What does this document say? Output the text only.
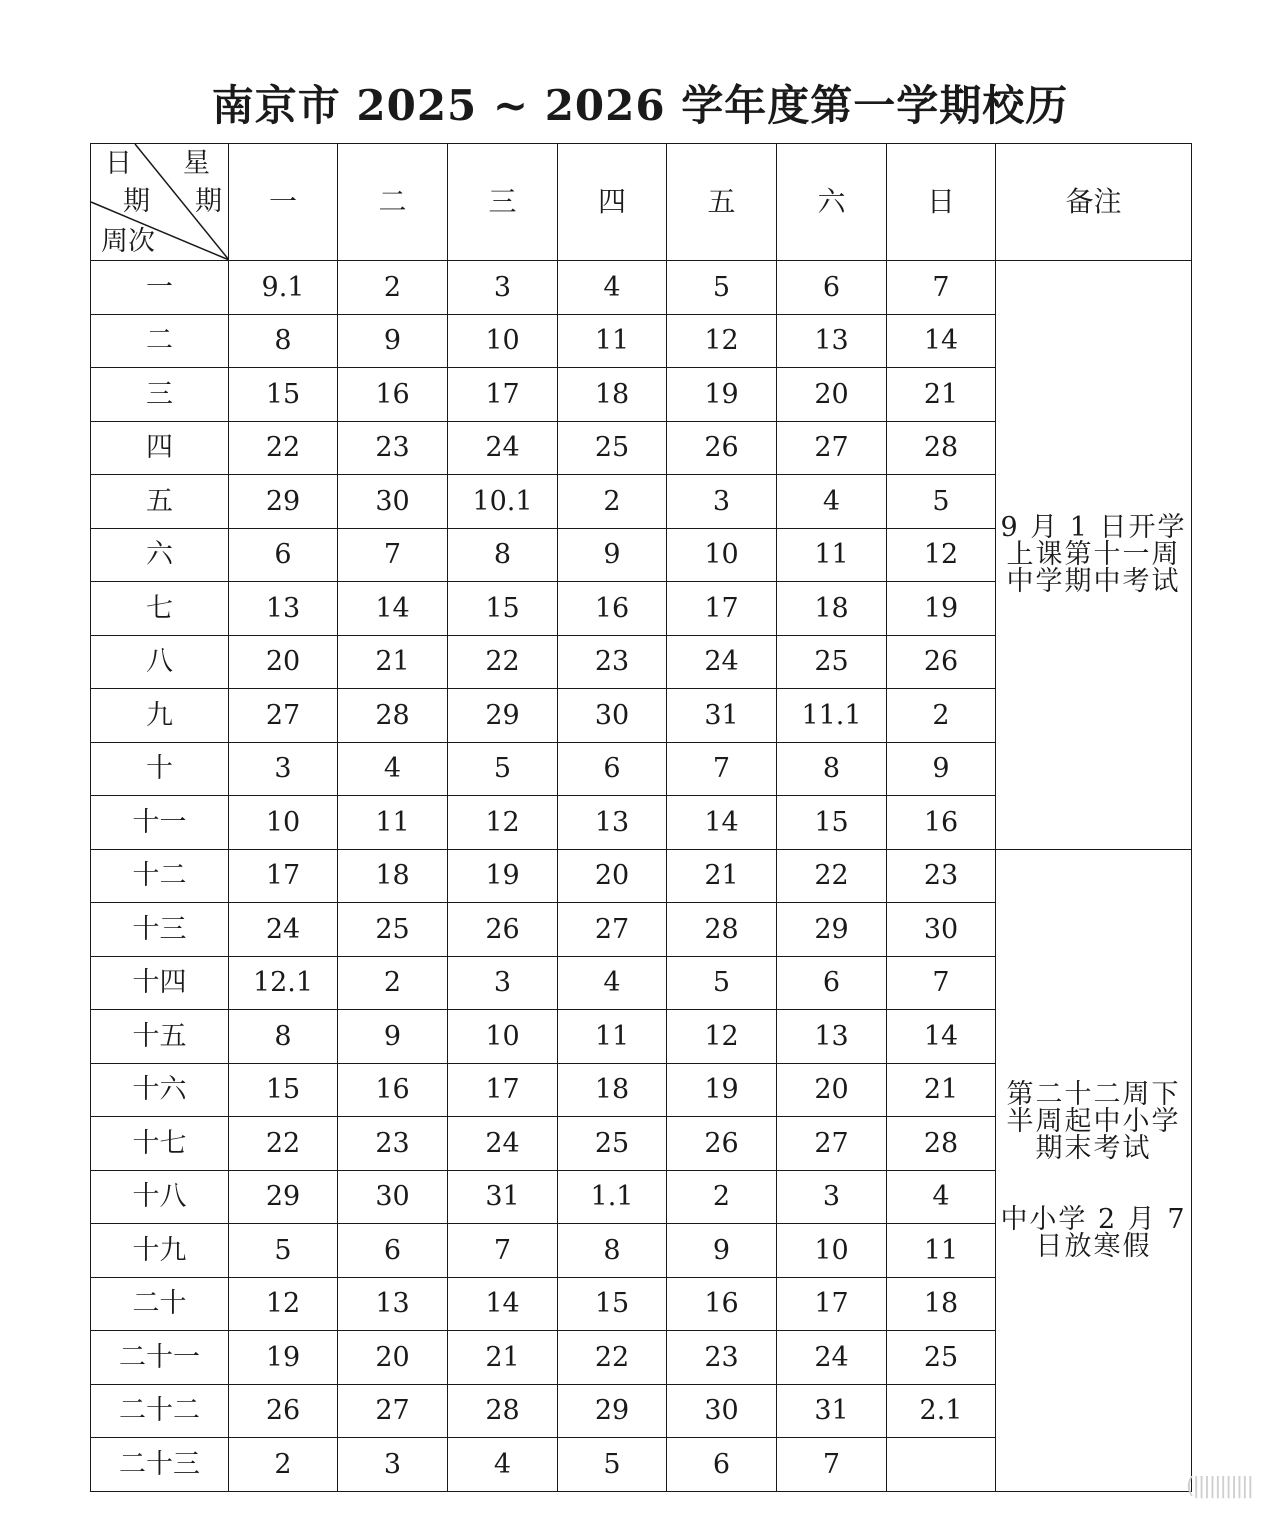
南京市 2025 ~ 2026 学年度第一学期校历
日 星
期 期
周次	一	二	三	四	五	六	日	备注
一	9.1	2	3	4	5	6	7	9 月 1 日开学上课第十一周中学期中考试

二	8	9	10	11	12	13	14	
三	15	16	17	18	19	20	21	
四	22	23	24	25	26	27	28	
五	29	30	10.1	2	3	4	5	
六	6	7	8	9	10	11	12	
七	13	14	15	16	17	18	19	
八	20	21	22	23	24	25	26	
九	27	28	29	30	31	11.1	2	
十	3	4	5	6	7	8	9	
十一	10	11	12	13	14	15	16	
十二	17	18	19	20	21	22	23	第二十二周下半周起中小学期末考试
中小学 2 月 7 日放寒假

十三	24	25	26	27	28	29	30	
十四	12.1	2	3	4	5	6	7	
十五	8	9	10	11	12	13	14	
十六	15	16	17	18	19	20	21	
十七	22	23	24	25	26	27	28	
十八	29	30	31	1.1	2	3	4	
十九	5	6	7	8	9	10	11	
二十	12	13	14	15	16	17	18	
二十一	19	20	21	22	23	24	25	
二十二	26	27	28	29	30	31	2.1	
二十三	2	3	4	5	6	7		
(|||||||||||
